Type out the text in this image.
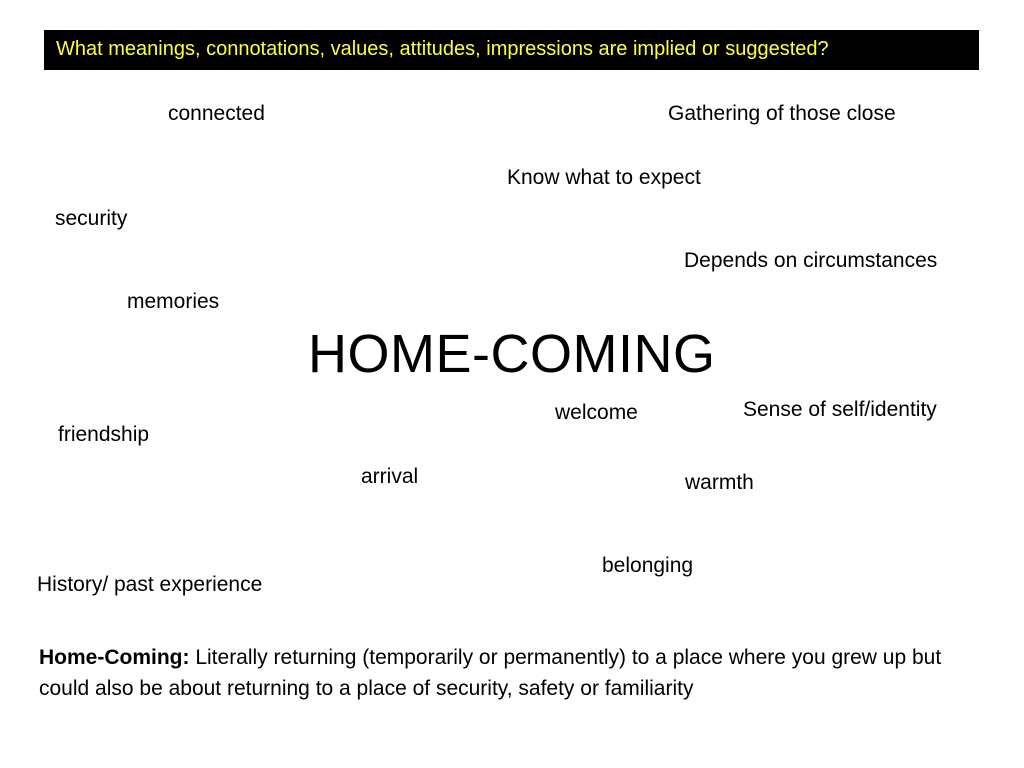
What meanings, connotations, values, attitudes, impressions are implied or suggested?
connected	Gathering of those close
Know what to expect
security
Depends on circumstances
memories
HOME-COMING
welcome	Sense of self/identity
friendship
arrival	warmth
belonging
History/ past experience
Home-Coming: Literally returning (temporarily or permanently) to a place where you grew up but could also be about returning to a place of security, safety or familiarity
